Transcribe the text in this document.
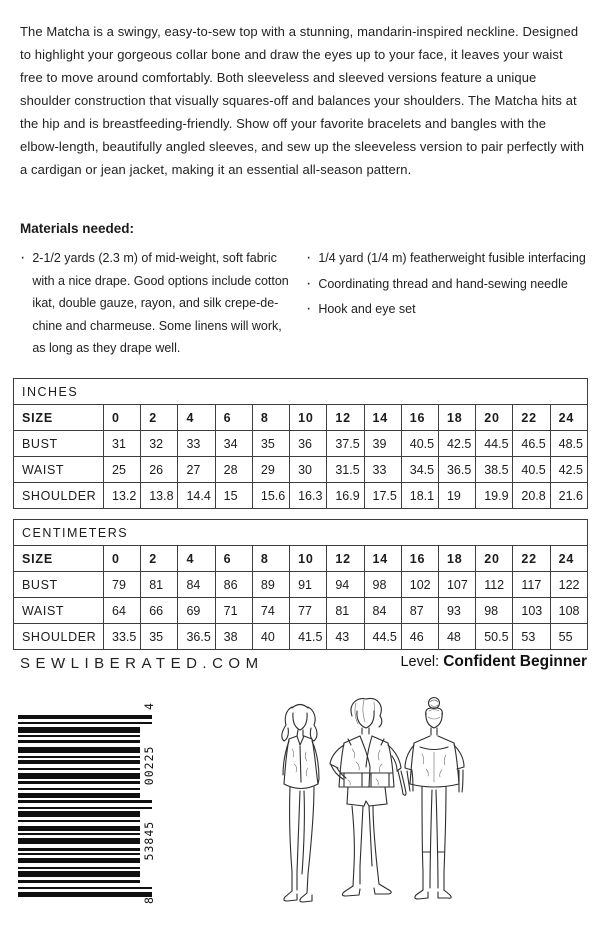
The Matcha is a swingy, easy-to-sew top with a stunning, mandarin-inspired neckline. Designed to highlight your gorgeous collar bone and draw the eyes up to your face, it leaves your waist free to move around comfortably. Both sleeveless and sleeved versions feature a unique shoulder construction that visually squares-off and balances your shoulders. The Matcha hits at the hip and is breastfeeding-friendly. Show off your favorite bracelets and bangles with the elbow-length, beautifully angled sleeves, and sew up the sleeveless version to pair perfectly with a cardigan or jean jacket, making it an essential all-season pattern.
Materials needed:
· 2-1/2 yards (2.3 m) of mid-weight, soft fabric with a nice drape. Good options include cotton ikat, double gauze, rayon, and silk crepe-de-chine and charmeuse. Some linens will work, as long as they drape well.
· 1/4 yard (1/4 m) featherweight fusible interfacing
· Coordinating thread and hand-sewing needle
· Hook and eye set
INCHES													
SIZE	0	2	4	6	8	10	12	14	16	18	20	22	24
BUST	31	32	33	34	35	36	37.5	39	40.5	42.5	44.5	46.5	48.5
WAIST	25	26	27	28	29	30	31.5	33	34.5	36.5	38.5	40.5	42.5
SHOULDER	13.2	13.8	14.4	15	15.6	16.3	16.9	17.5	18.1	19	19.9	20.8	21.6
CENTIMETERS													
SIZE	0	2	4	6	8	10	12	14	16	18	20	22	24
BUST	79	81	84	86	89	91	94	98	102	107	112	117	122
WAIST	64	66	69	71	74	77	81	84	87	93	98	103	108
SHOULDER	33.5	35	36.5	38	40	41.5	43	44.5	46	48	50.5	53	55
SEWLIBERATED.COM	Level: Confident Beginner
8
53845
00225
4
